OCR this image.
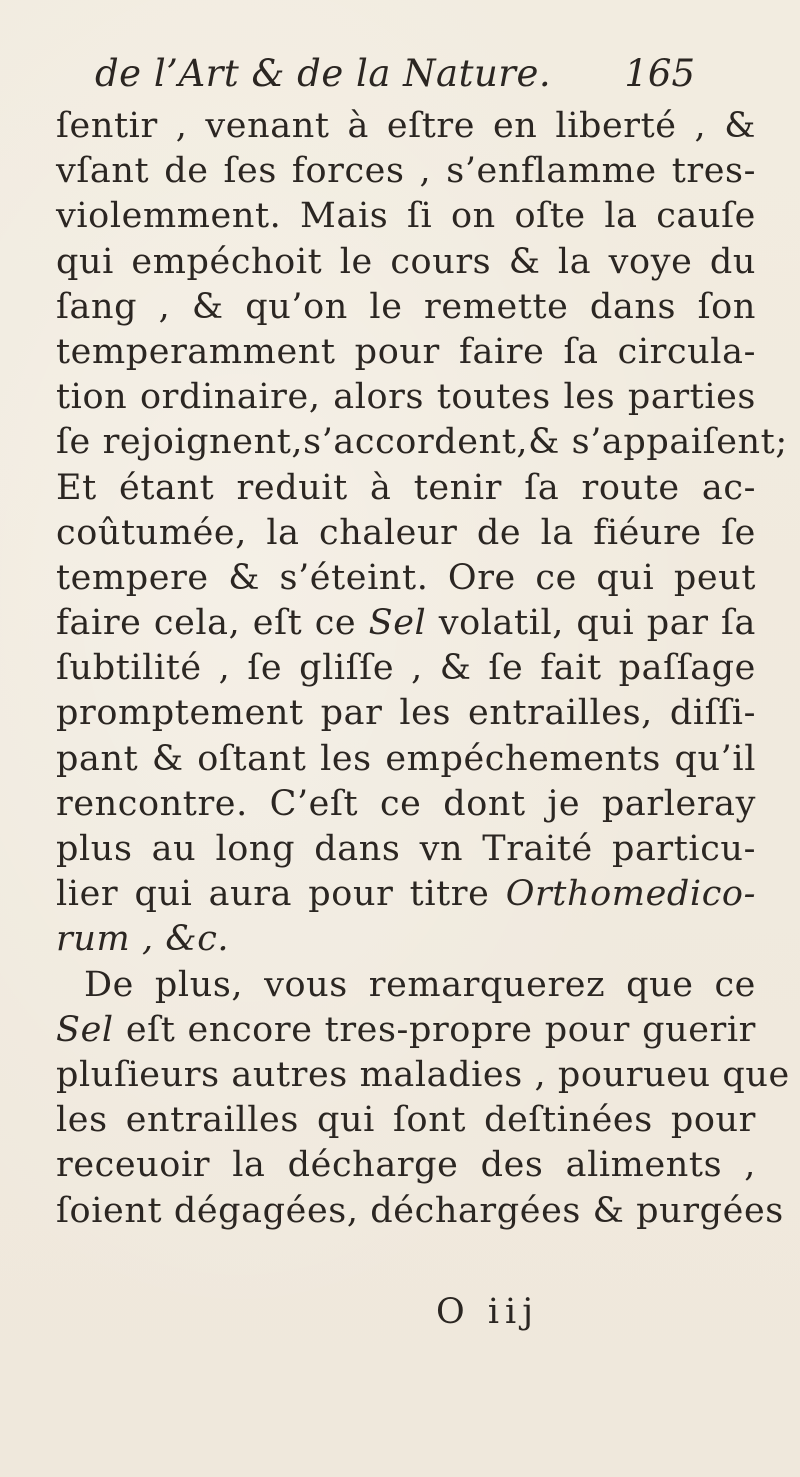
de l’Art & de la Nature. 165
ſentir , venant à eſtre en liberté , &
vſant de ſes forces , s’enflamme tres-
violemment. Mais ſi on oſte la cauſe
qui empéchoit le cours & la voye du
ſang , & qu’on le remette dans ſon
temperamment pour faire ſa circula-
tion ordinaire, alors toutes les parties
ſe rejoignent,s’accordent,& s’appaiſent;
Et étant reduit à tenir ſa route ac-
coûtumée, la chaleur de la fiéure ſe
tempere & s’éteint. Ore ce qui peut
faire cela, eſt ce Sel volatil, qui par ſa
ſubtilité , ſe gliſſe , & ſe fait paſſage
promptement par les entrailles, diſſi-
pant & oſtant les empéchements qu’il
rencontre. C’eſt ce dont je parleray
plus au long dans vn Traité particu-
lier qui aura pour titre Orthomedico-
rum , &c.
De plus, vous remarquerez que ce
Sel eſt encore tres-propre pour guerir
pluſieurs autres maladies , pourueu que
les entrailles qui ſont deſtinées pour
receuoir la décharge des aliments ,
ſoient dégagées, déchargées & purgées
O iij
